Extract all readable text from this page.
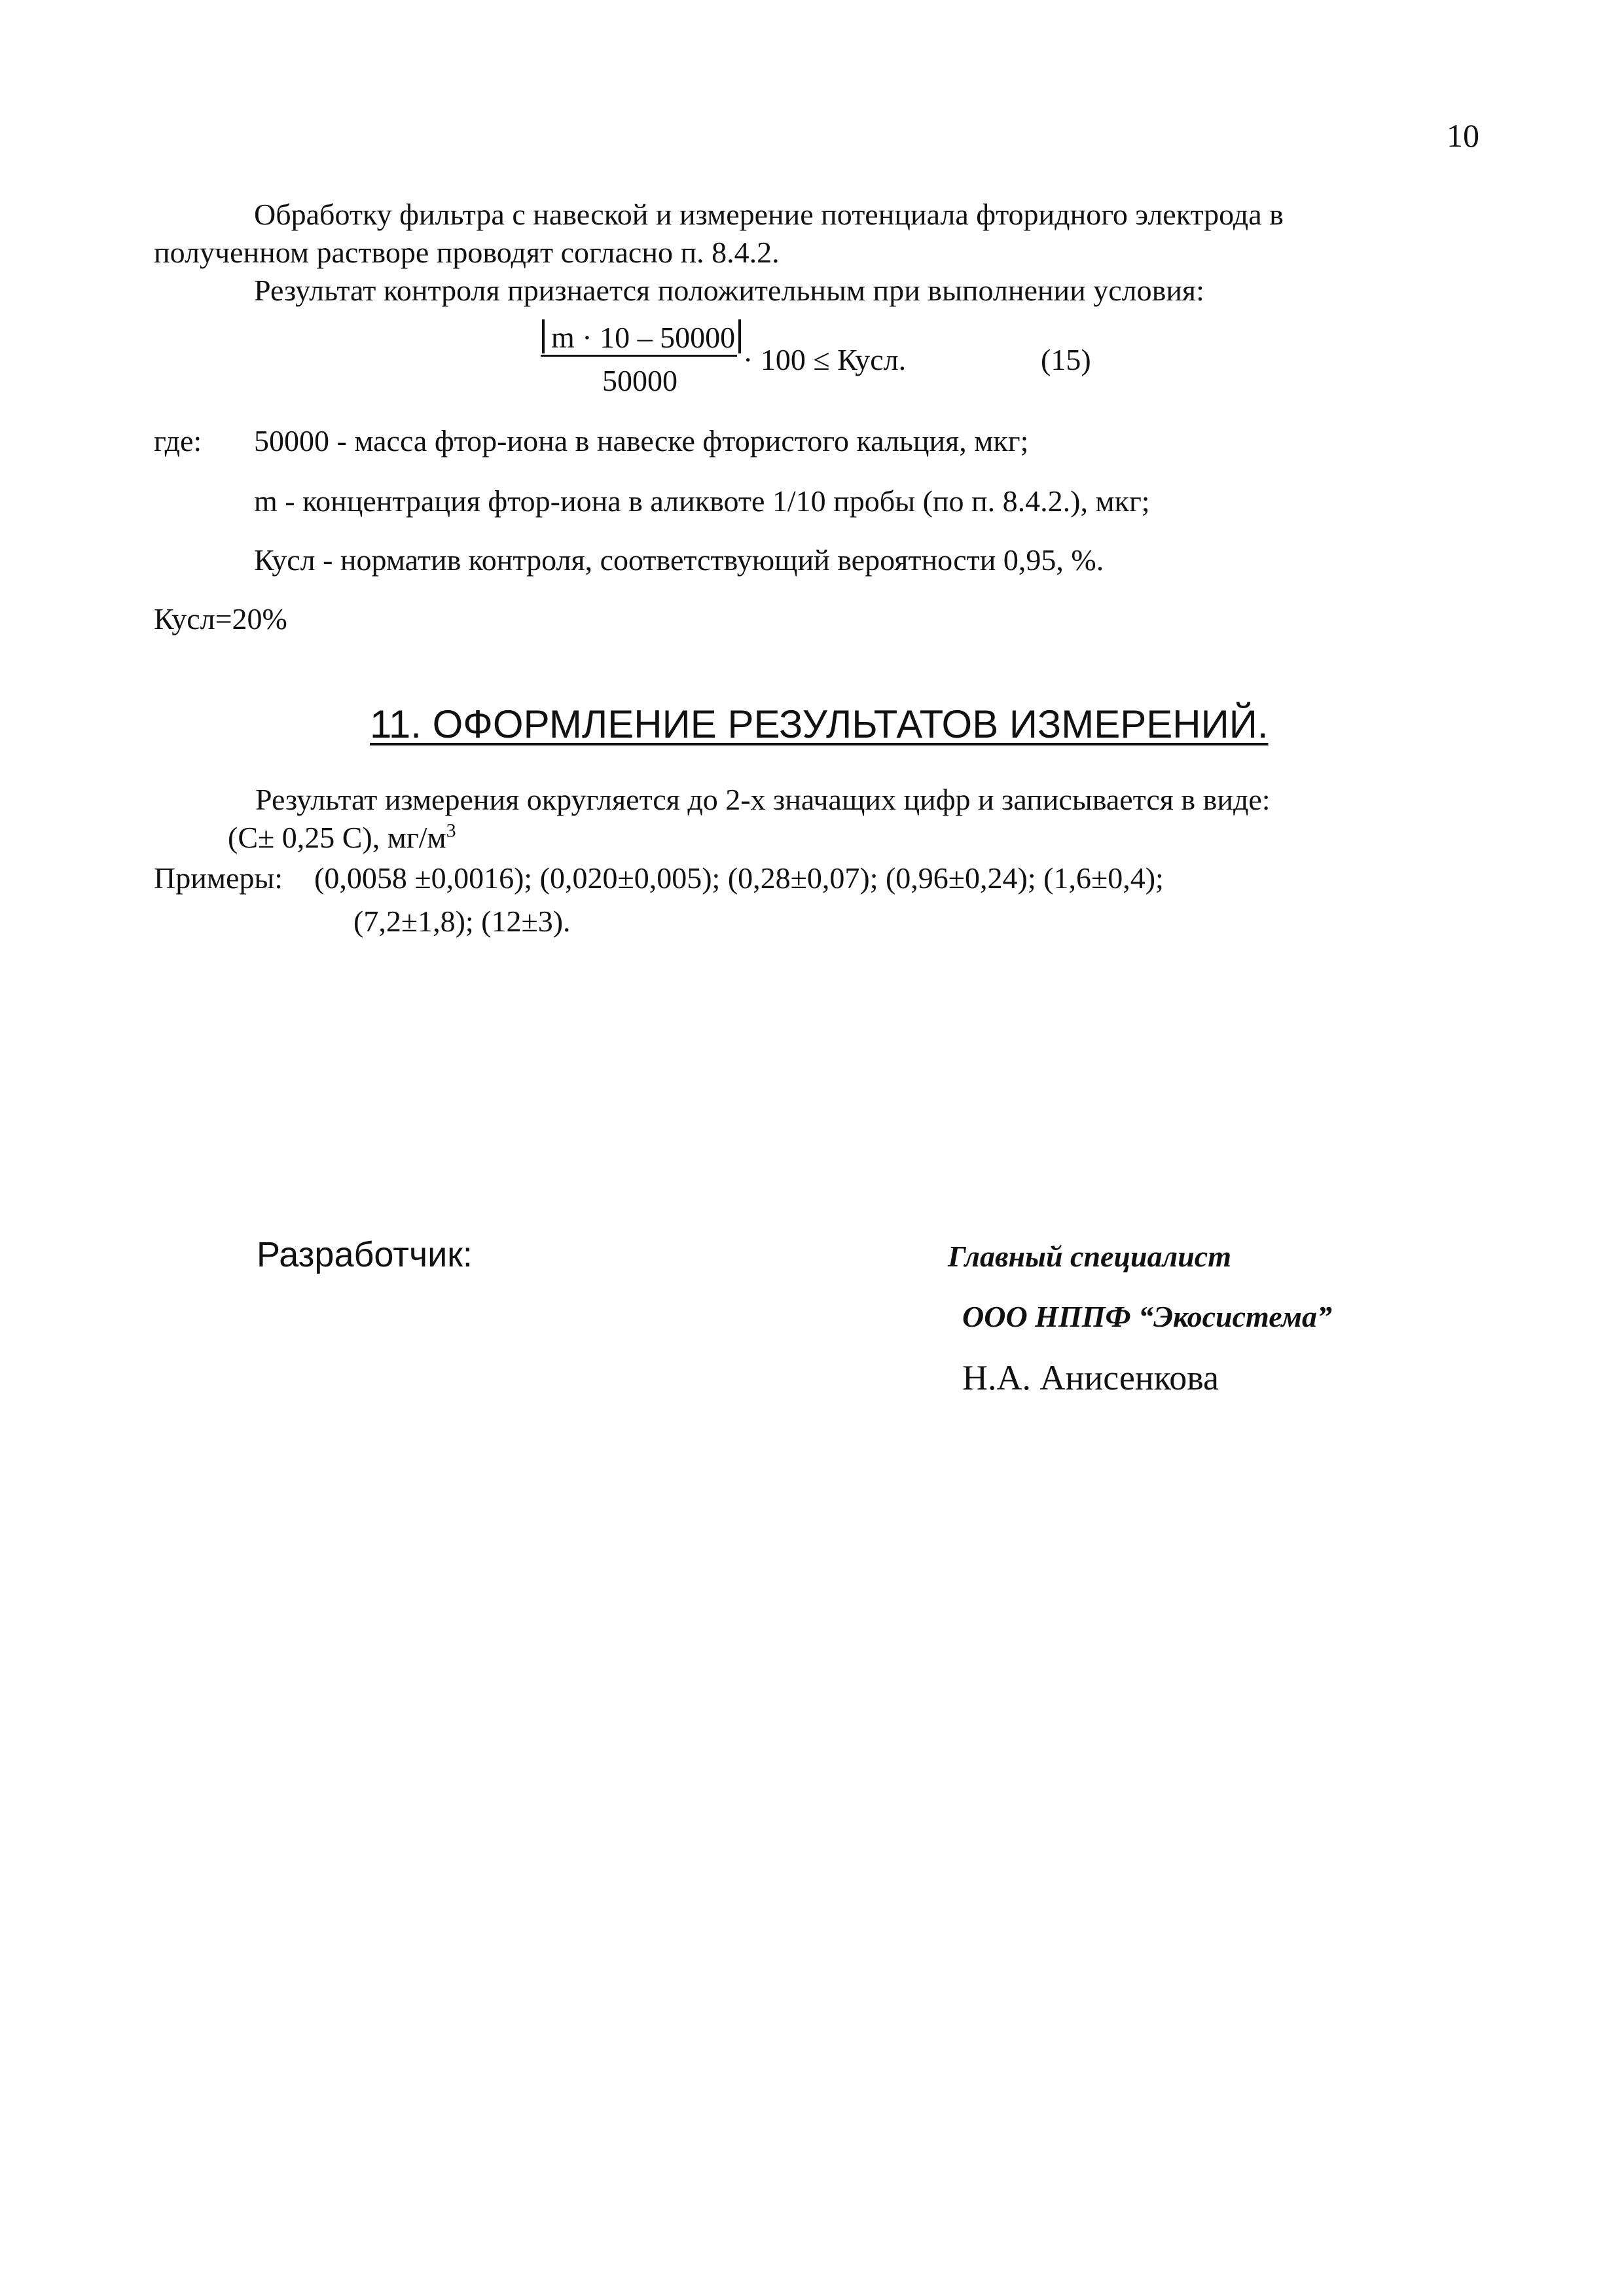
10
Обработку фильтра с навеской и измерение потенциала фторидного электрода в
полученном растворе проводят согласно п. 8.4.2.
Результат контроля признается положительным при выполнении условия:
m · 10 – 50000
50000
· 100 ≤ Кусл.	(15)
где: 50000 - масса фтор-иона в навеске фтористого кальция, мкг;
m - концентрация фтор-иона в аликвоте 1/10 пробы (по п. 8.4.2.), мкг;
Кусл - норматив контроля, соответствующий вероятности 0,95, %.
Кусл=20%
11. ОФОРМЛЕНИЕ РЕЗУЛЬТАТОВ ИЗМЕРЕНИЙ.
Результат измерения округляется до 2-х значащих цифр и записывается в виде:
(С± 0,25 С), $мг/м^3$
Примеры: (0,0058 ±0,0016); (0,020±0,005); (0,28±0,07); (0,96±0,24); (1,6±0,4);
(7,2±1,8); (12±3).
Разработчик:	Главный специалист
ООО НППФ “Экосистема”
Н.А. Анисенкова
